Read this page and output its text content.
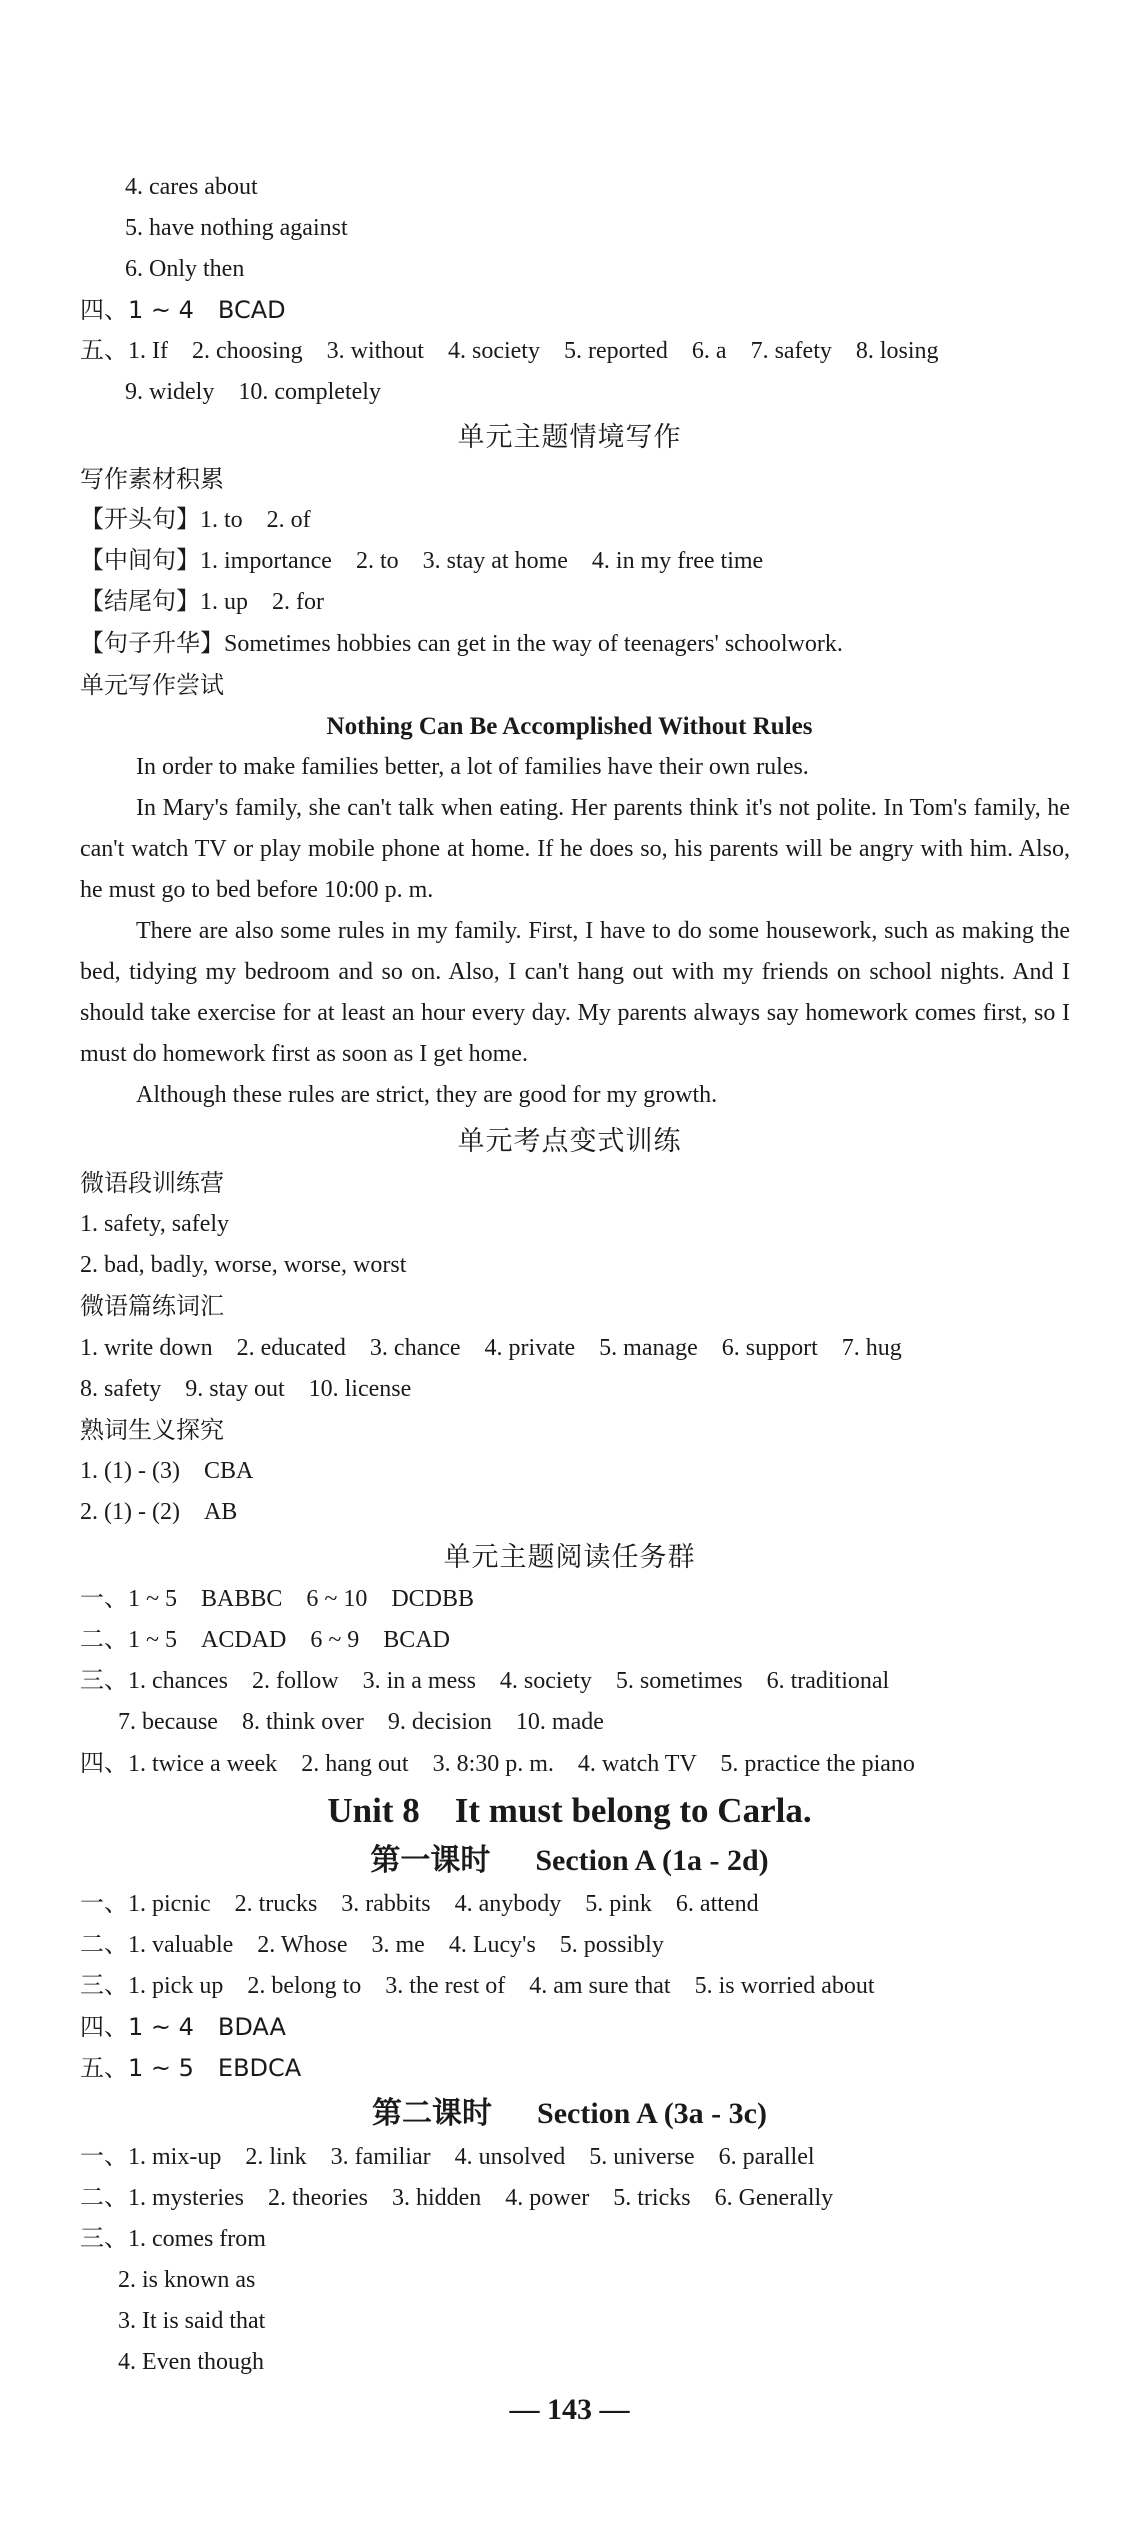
4. cares about
5. have nothing against
6. Only then
四、1 ~ 4　BCAD
五、1. If　2. choosing　3. without　4. society　5. reported　6. a　7. safety　8. losing
9. widely　10. completely
单元主题情境写作
写作素材积累
【开头句】1. to　2. of
【中间句】1. importance　2. to　3. stay at home　4. in my free time
【结尾句】1. up　2. for
【句子升华】Sometimes hobbies can get in the way of teenagers' schoolwork.
单元写作尝试
Nothing Can Be Accomplished Without Rules

In order to make families better, a lot of families have their own rules.

In Mary's family, she can't talk when eating. Her parents think it's not polite. In Tom's family, he can't watch TV or play mobile phone at home. If he does so, his parents will be angry with him. Also, he must go to bed before 10:00 p. m.

There are also some rules in my family. First, I have to do some housework, such as making the bed, tidying my bedroom and so on. Also, I can't hang out with my friends on school nights. And I should take exercise for at least an hour every day. My parents always say homework comes first, so I must do homework first as soon as I get home.

Although these rules are strict, they are good for my growth.

单元考点变式训练
微语段训练营
1. safety, safely
2. bad, badly, worse, worse, worst
微语篇练词汇
1. write down　2. educated　3. chance　4. private　5. manage　6. support　7. hug
8. safety　9. stay out　10. license
熟词生义探究
1. (1) - (3)　CBA
2. (1) - (2)　AB
单元主题阅读任务群
一、1 ~ 5　BABBC　6 ~ 10　DCDBB
二、1 ~ 5　ACDAD　6 ~ 9　BCAD
三、1. chances　2. follow　3. in a mess　4. society　5. sometimes　6. traditional
7. because　8. think over　9. decision　10. made
四、1. twice a week　2. hang out　3. 8:30 p. m.　4. watch TV　5. practice the piano
Unit 8　It must belong to Carla.
第一课时 　 Section A (1a - 2d)
一、1. picnic　2. trucks　3. rabbits　4. anybody　5. pink　6. attend
二、1. valuable　2. Whose　3. me　4. Lucy's　5. possibly
三、1. pick up　2. belong to　3. the rest of　4. am sure that　5. is worried about
四、1 ~ 4　BDAA
五、1 ~ 5　EBDCA
第二课时 　 Section A (3a - 3c)
一、1. mix-up　2. link　3. familiar　4. unsolved　5. universe　6. parallel
二、1. mysteries　2. theories　3. hidden　4. power　5. tricks　6. Generally
三、1. comes from
2. is known as
3. It is said that
4. Even though
— 143 —
